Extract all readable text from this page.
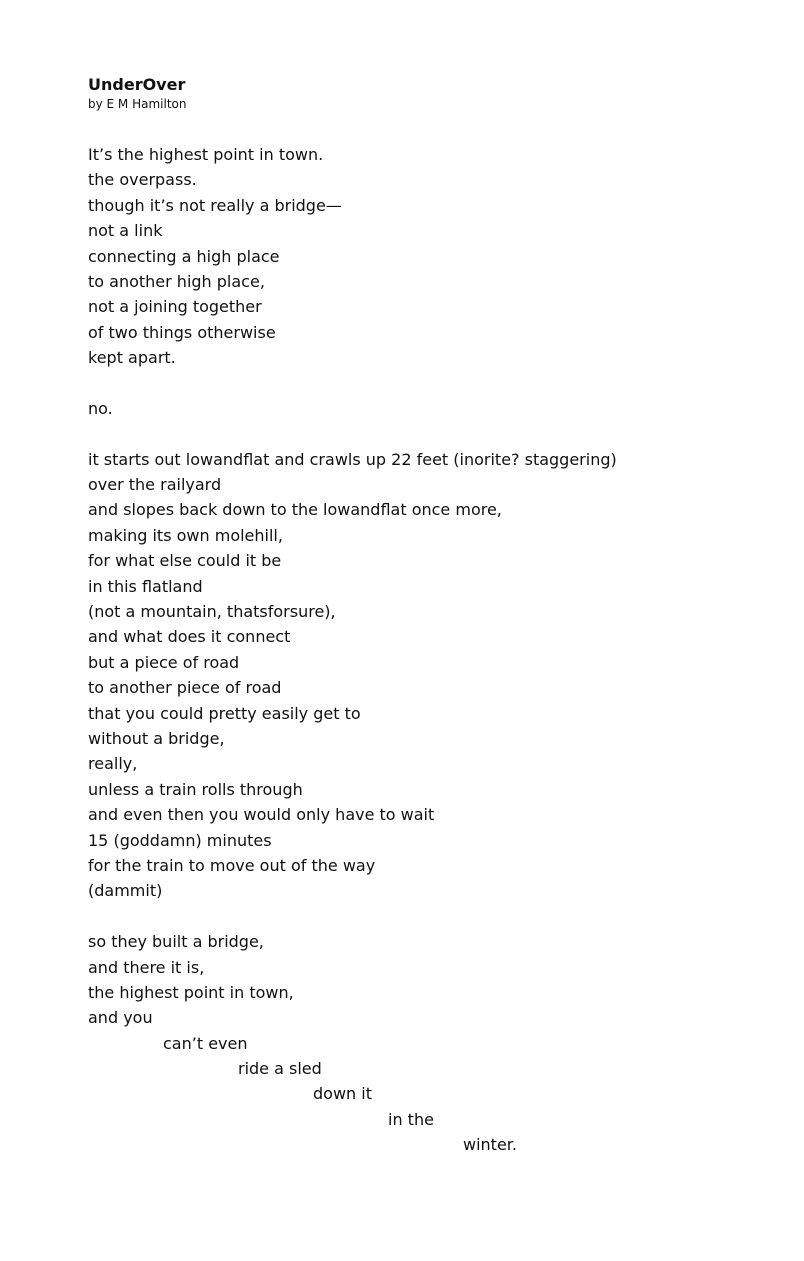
UnderOver

by E M Hamilton

It’s the highest point in town.

the overpass.

though it’s not really a bridge—

not a link

connecting a high place

to another high place,

not a joining together

of two things otherwise

kept apart.

no.

it starts out lowandflat and crawls up 22 feet (inorite? staggering)

over the railyard

and slopes back down to the lowandflat once more,

making its own molehill,

for what else could it be

in this flatland

(not a mountain, thatsforsure),

and what does it connect

but a piece of road

to another piece of road

that you could pretty easily get to

without a bridge,

really,

unless a train rolls through

and even then you would only have to wait

15 (goddamn) minutes

for the train to move out of the way

(dammit)

so they built a bridge,

and there it is,

the highest point in town,

and you

can’t even

ride a sled

down it

in the

winter.
